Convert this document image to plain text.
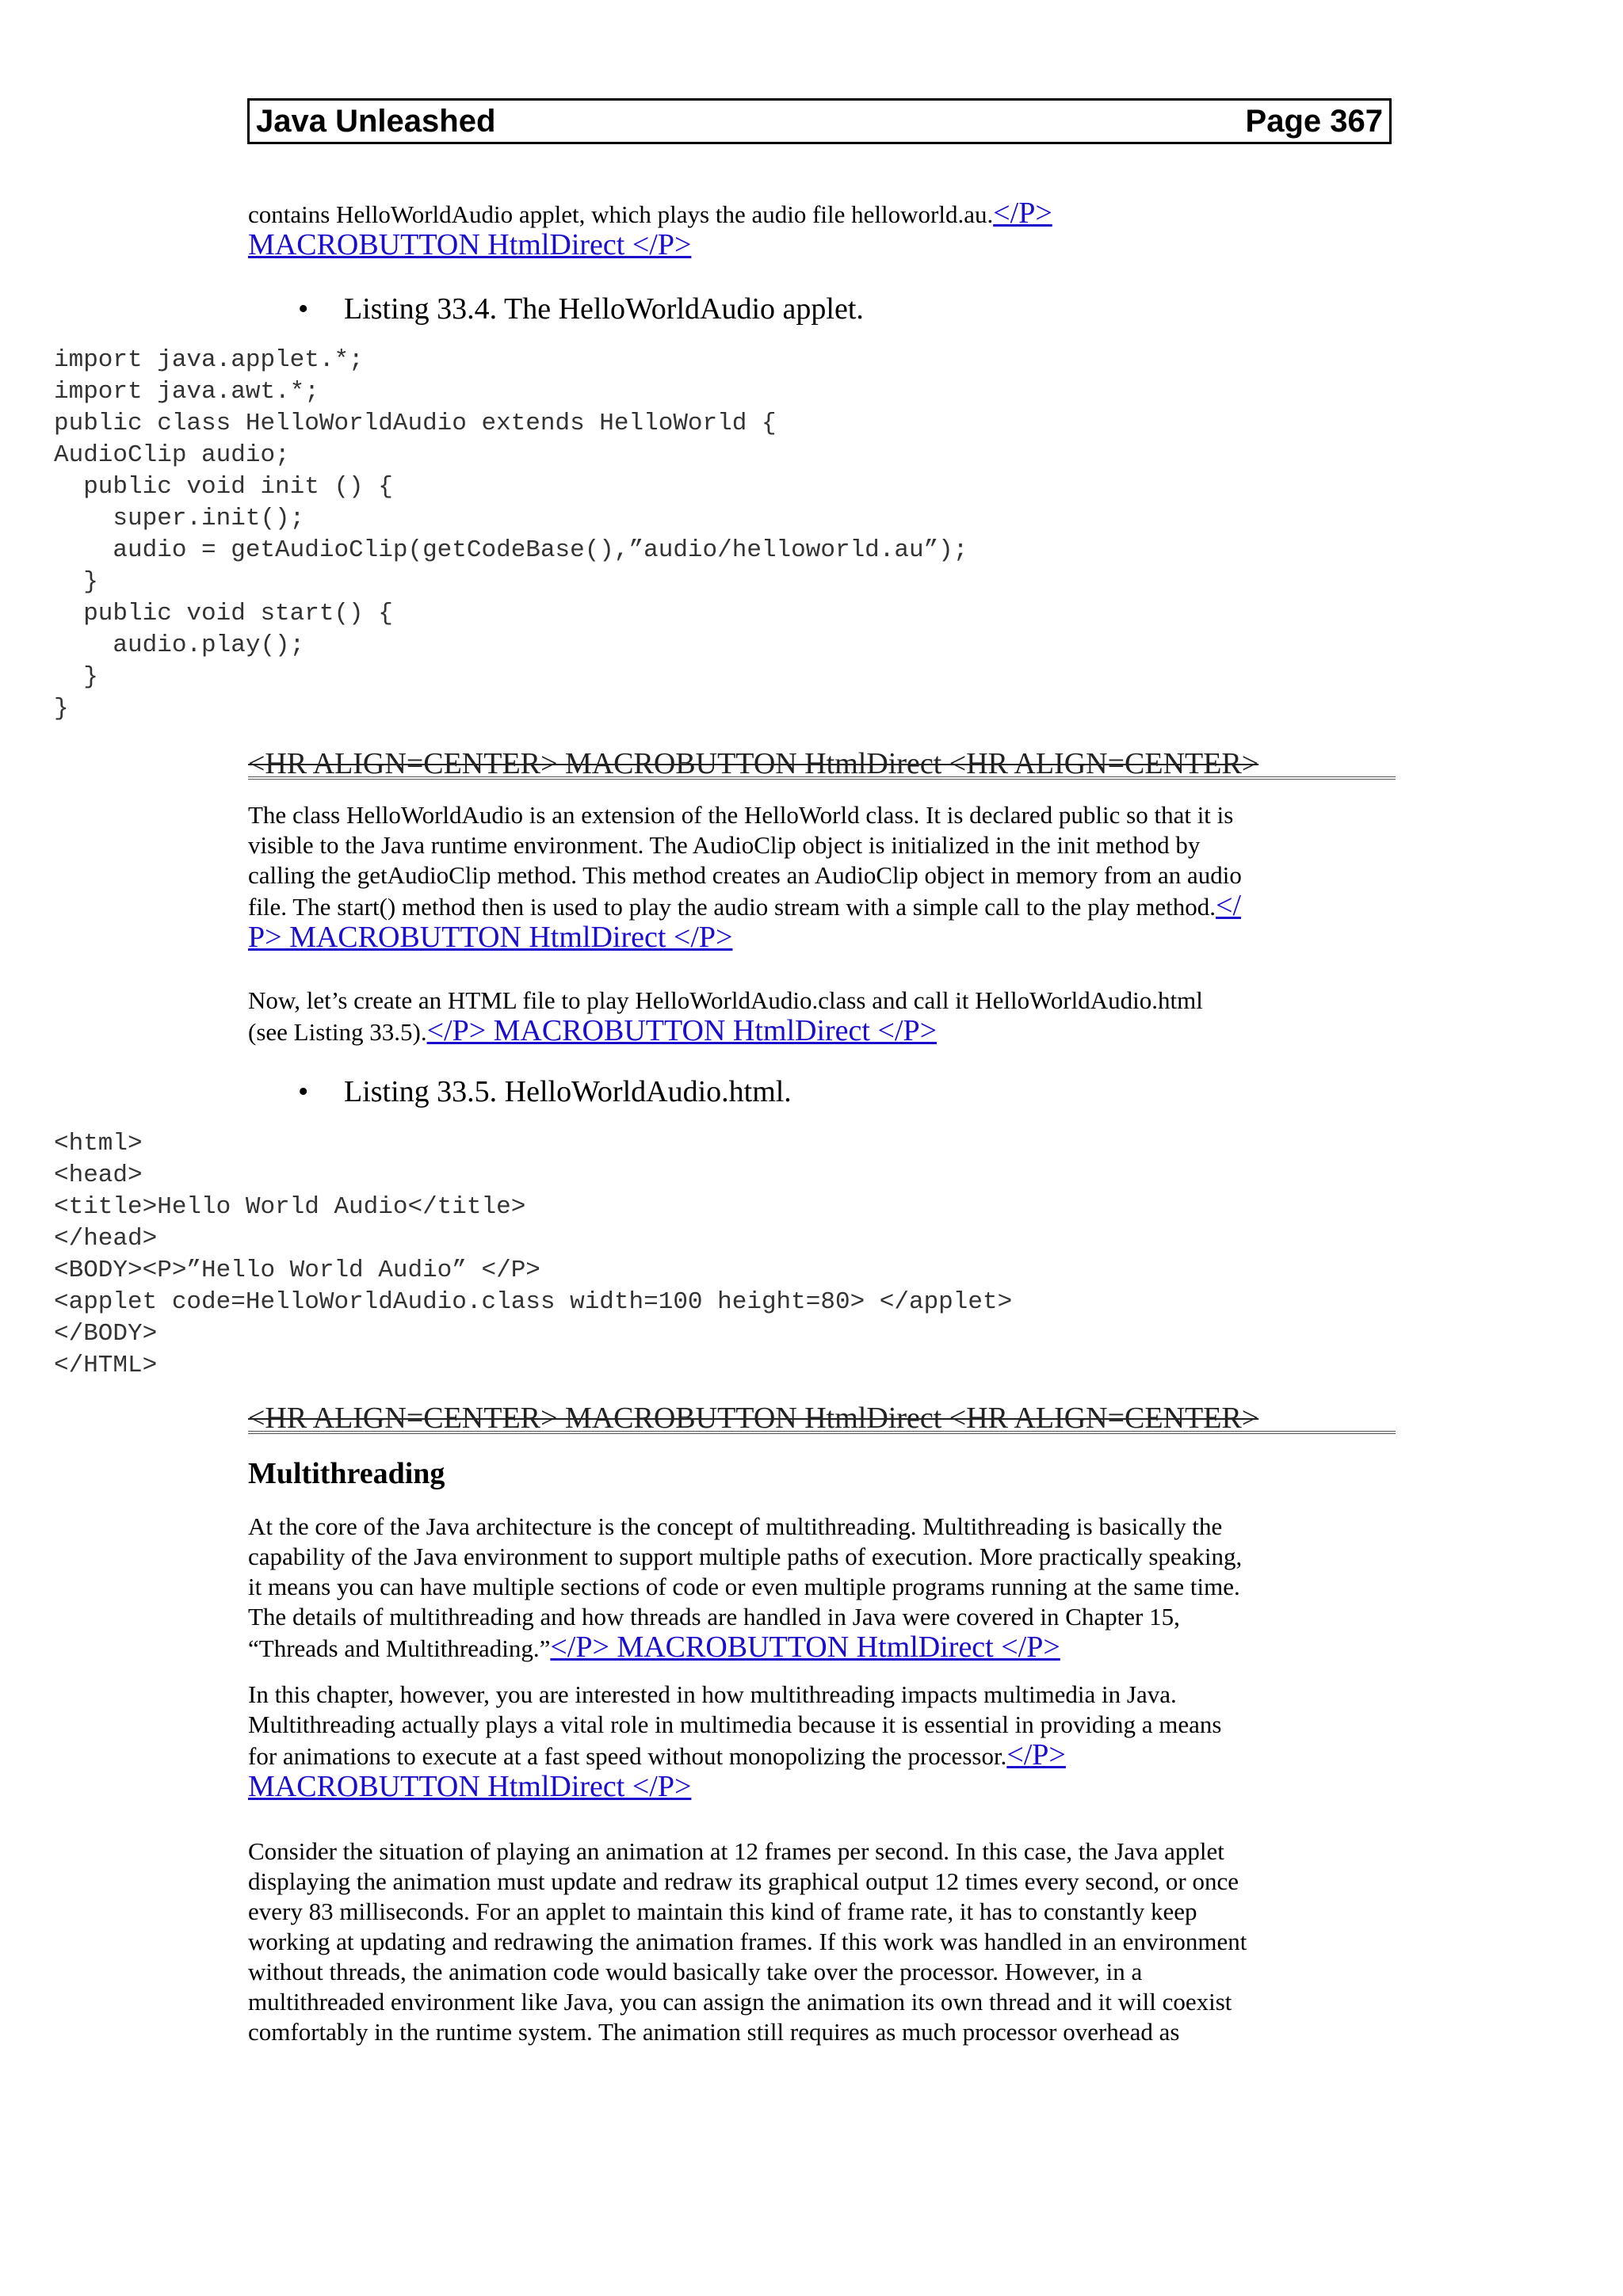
Java Unleashed	Page 367
contains HelloWorldAudio applet, which plays the audio file helloworld.au.</P>
MACROBUTTON HtmlDirect </P>
• Listing 33.4. The HelloWorldAudio applet.
import java.applet.*;
import java.awt.*;
public class HelloWorldAudio extends HelloWorld {
AudioClip audio;
public void init () {
super.init();
audio = getAudioClip(getCodeBase(),”audio/helloworld.au”);
}
public void start() {
audio.play();
}
}
<HR ALIGN=CENTER> MACROBUTTON HtmlDirect <HR ALIGN=CENTER>
The class HelloWorldAudio is an extension of the HelloWorld class. It is declared public so that it is
visible to the Java runtime environment. The AudioClip object is initialized in the init method by
calling the getAudioClip method. This method creates an AudioClip object in memory from an audio
file. The start() method then is used to play the audio stream with a simple call to the play method.</
P> MACROBUTTON HtmlDirect </P>
Now, let’s create an HTML file to play HelloWorldAudio.class and call it HelloWorldAudio.html
(see Listing 33.5).</P> MACROBUTTON HtmlDirect </P>
• Listing 33.5. HelloWorldAudio.html.
<html>
<head>
<title>Hello World Audio</title>
</head>
<BODY><P>”Hello World Audio” </P>
<applet code=HelloWorldAudio.class width=100 height=80> </applet>
</BODY>
</HTML>
<HR ALIGN=CENTER> MACROBUTTON HtmlDirect <HR ALIGN=CENTER>
Multithreading
At the core of the Java architecture is the concept of multithreading. Multithreading is basically the
capability of the Java environment to support multiple paths of execution. More practically speaking,
it means you can have multiple sections of code or even multiple programs running at the same time.
The details of multithreading and how threads are handled in Java were covered in Chapter 15,
“Threads and Multithreading.”</P> MACROBUTTON HtmlDirect </P>
In this chapter, however, you are interested in how multithreading impacts multimedia in Java.
Multithreading actually plays a vital role in multimedia because it is essential in providing a means
for animations to execute at a fast speed without monopolizing the processor.</P>
MACROBUTTON HtmlDirect </P>
Consider the situation of playing an animation at 12 frames per second. In this case, the Java applet
displaying the animation must update and redraw its graphical output 12 times every second, or once
every 83 milliseconds. For an applet to maintain this kind of frame rate, it has to constantly keep
working at updating and redrawing the animation frames. If this work was handled in an environment
without threads, the animation code would basically take over the processor. However, in a
multithreaded environment like Java, you can assign the animation its own thread and it will coexist
comfortably in the runtime system. The animation still requires as much processor overhead as
